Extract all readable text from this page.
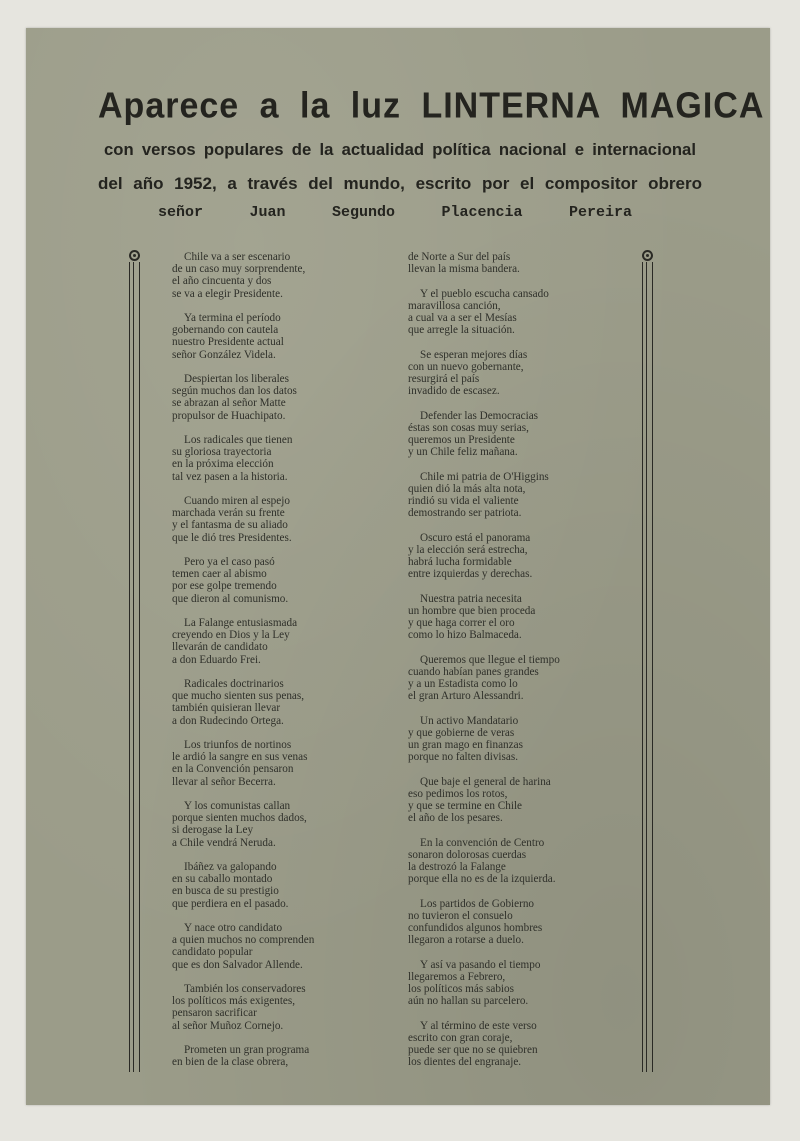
Aparece a la luz LINTERNA MAGICA
con versos populares de la actualidad política nacional e internacional
del año 1952, a través del mundo, escrito por el compositor obrero
señor Juan Segundo Placencia Pereira
Chile va a ser escenario
de un caso muy sorprendente,
el año cincuenta y dos
se va a elegir Presidente.
Ya termina el período
gobernando con cautela
nuestro Presidente actual
señor González Videla.
Despiertan los liberales
según muchos dan los datos
se abrazan al señor Matte
propulsor de Huachipato.
Los radicales que tienen
su gloriosa trayectoria
en la próxima elección
tal vez pasen a la historia.
Cuando miren al espejo
marchada verán su frente
y el fantasma de su aliado
que le dió tres Presidentes.
Pero ya el caso pasó
temen caer al abismo
por ese golpe tremendo
que dieron al comunismo.
La Falange entusiasmada
creyendo en Dios y la Ley
llevarán de candidato
a don Eduardo Frei.
Radicales doctrinarios
que mucho sienten sus penas,
también quisieran llevar
a don Rudecindo Ortega.
Los triunfos de nortinos
le ardió la sangre en sus venas
en la Convención pensaron
llevar al señor Becerra.
Y los comunistas callan
porque sienten muchos dados,
si derogase la Ley
a Chile vendrá Neruda.
Ibáñez va galopando
en su caballo montado
en busca de su prestigio
que perdiera en el pasado.
Y nace otro candidato
a quien muchos no comprenden
candidato popular
que es don Salvador Allende.
También los conservadores
los políticos más exigentes,
pensaron sacrificar
al señor Muñoz Cornejo.
Prometen un gran programa
en bien de la clase obrera,
de Norte a Sur del país
llevan la misma bandera.
Y el pueblo escucha cansado
maravillosa canción,
a cual va a ser el Mesías
que arregle la situación.
Se esperan mejores días
con un nuevo gobernante,
resurgirá el país
invadido de escasez.
Defender las Democracias
éstas son cosas muy serias,
queremos un Presidente
y un Chile feliz mañana.
Chile mi patria de O'Higgins
quien dió la más alta nota,
rindió su vida el valiente
demostrando ser patriota.
Oscuro está el panorama
y la elección será estrecha,
habrá lucha formidable
entre izquierdas y derechas.
Nuestra patria necesita
un hombre que bien proceda
y que haga correr el oro
como lo hizo Balmaceda.
Queremos que llegue el tiempo
cuando habían panes grandes
y a un Estadista como lo
el gran Arturo Alessandri.
Un activo Mandatario
y que gobierne de veras
un gran mago en finanzas
porque no falten divisas.
Que baje el general de harina
eso pedimos los rotos,
y que se termine en Chile
el año de los pesares.
En la convención de Centro
sonaron dolorosas cuerdas
la destrozó la Falange
porque ella no es de la izquierda.
Los partidos de Gobierno
no tuvieron el consuelo
confundidos algunos hombres
llegaron a rotarse a duelo.
Y así va pasando el tiempo
llegaremos a Febrero,
los políticos más sabios
aún no hallan su parcelero.
Y al término de este verso
escrito con gran coraje,
puede ser que no se quiebren
los dientes del engranaje.
